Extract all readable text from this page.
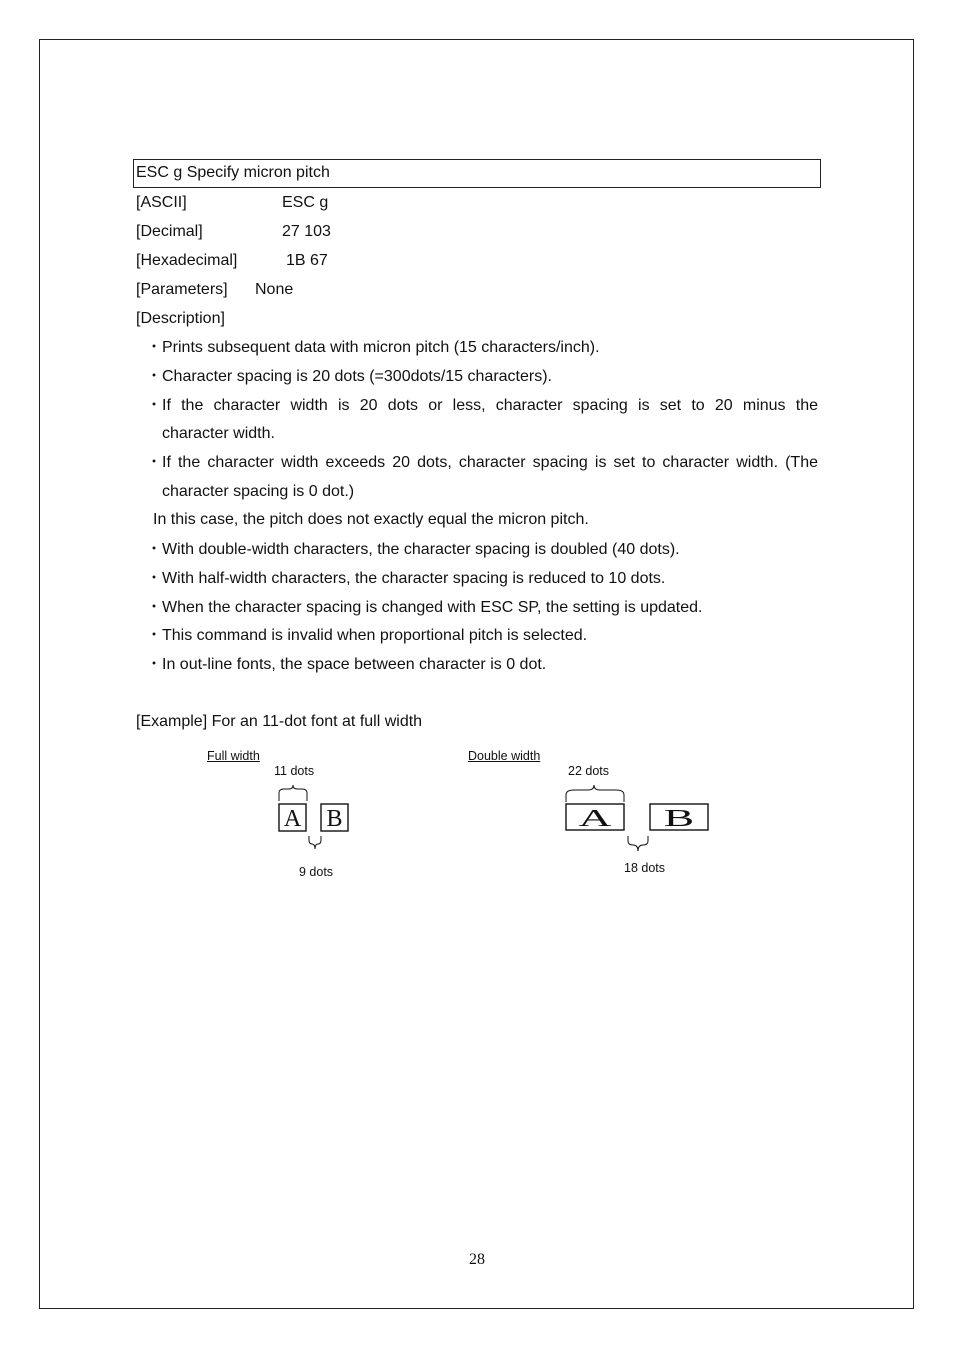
ESC g Specify micron pitch
[ASCII]	ESC g
[Decimal]	27 103
[Hexadecimal]	1B 67
[Parameters] None
[Description]
・ Prints subsequent data with micron pitch (15 characters/inch).
・ Character spacing is 20 dots (=300dots/15 characters).
・ If the character width is 20 dots or less, character spacing is set to 20 minus the
character width.
・ If the character width exceeds 20 dots, character spacing is set to character width. (The
character spacing is 0 dot.)
In this case, the pitch does not exactly equal the micron pitch.
・ With double-width characters, the character spacing is doubled (40 dots).
・ With half-width characters, the character spacing is reduced to 10 dots.
・ When the character spacing is changed with ESC SP, the setting is updated.
・ This command is invalid when proportional pitch is selected.
・ In out-line fonts, the space between character is 0 dot.
[Example] For an 11-dot font at full width
Full width
11 dots
9 dots
Double width
22 dots
18 dots
A B	A B
28
